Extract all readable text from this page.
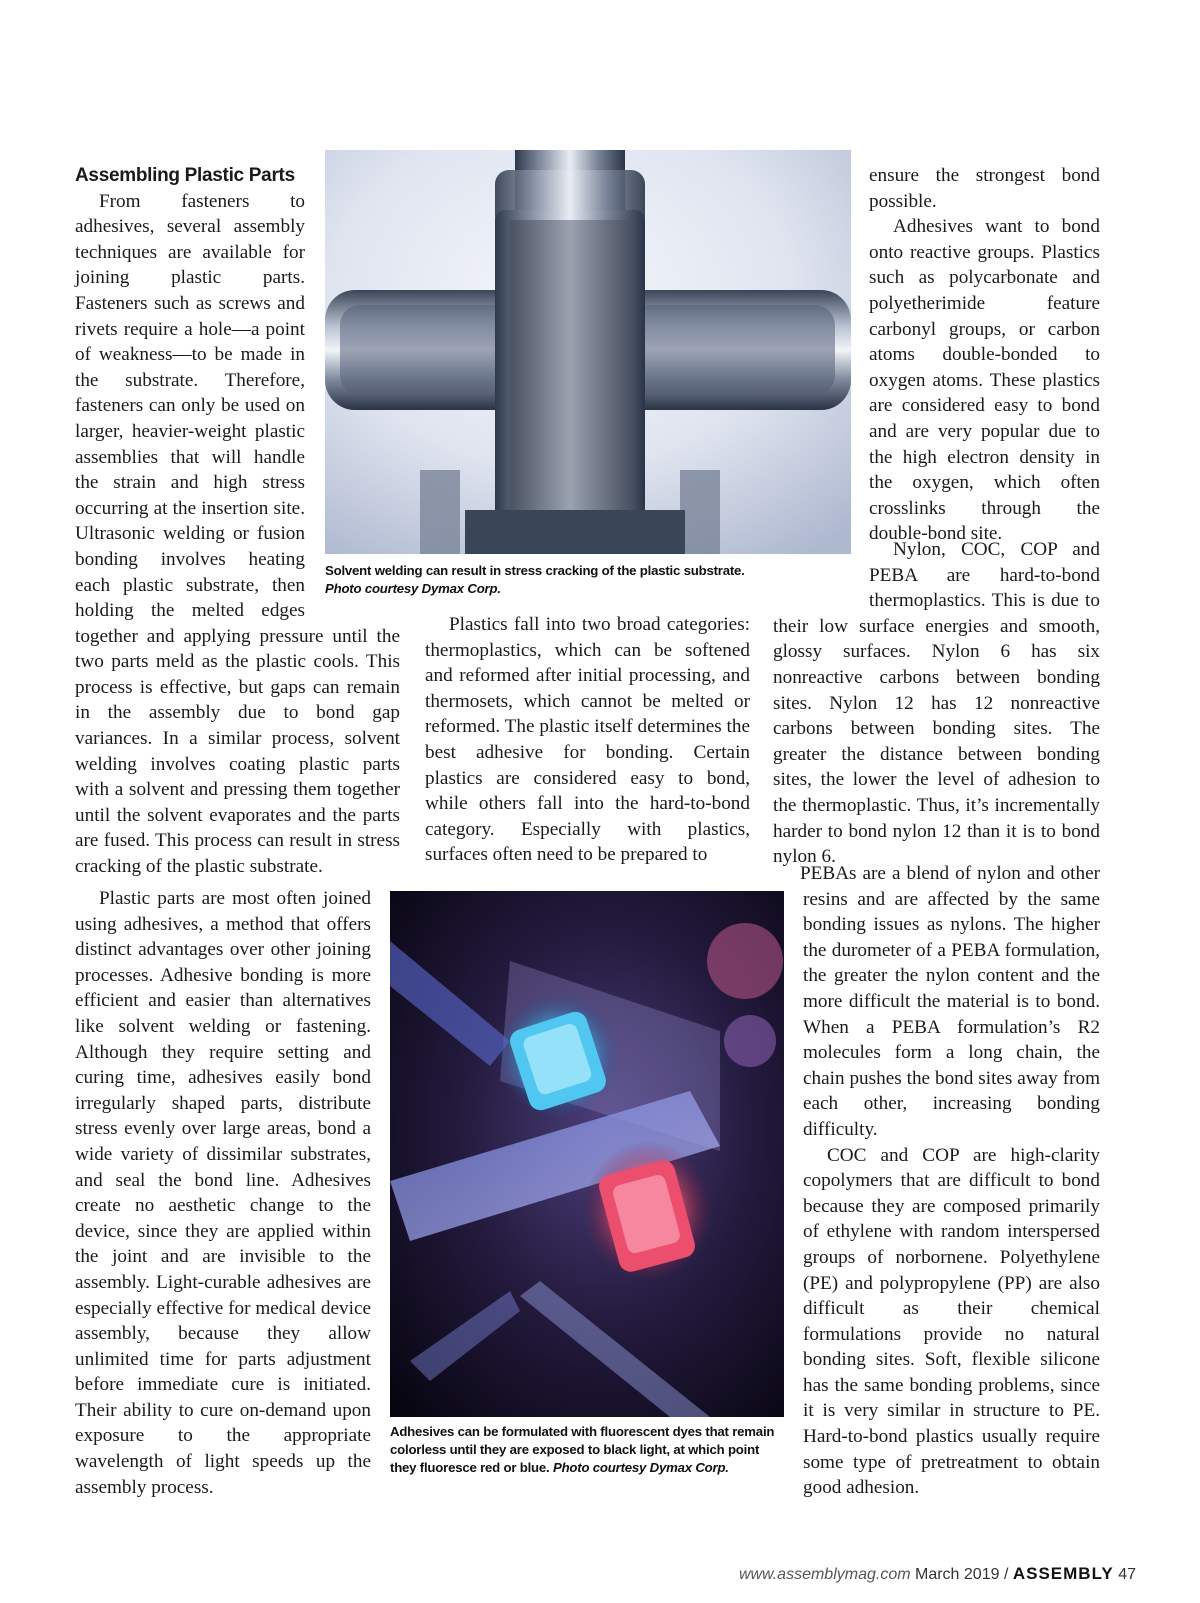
Solvent welding can result in stress cracking of the plastic substrate.
Photo courtesy Dymax Corp.
Adhesives can be formulated with fluorescent dyes that remain colorless until they are exposed to black light, at which point they fluoresce red or blue. Photo courtesy Dymax Corp.

Assembling Plastic Parts

From fasteners to adhesives, several assembly techniques are available for joining plastic parts. Fasteners such as screws and rivets require a hole—a point of weakness—to be made in the substrate. Therefore, fasteners can only be used on larger, heavier-weight plastic assemblies that will handle the strain and high stress occurring at the insertion site. Ultrasonic welding or fusion bonding involves heating each plastic substrate, then holding the melted edges together and applying pressure until the two parts meld as the plastic cools. This process is effective, but gaps can remain in the assembly due to bond gap variances. In a similar process, solvent welding involves coating plastic parts with a solvent and pressing them together until the solvent evaporates and the parts are fused. This process can result in stress cracking of the plastic substrate.

Plastic parts are most often joined using adhesives, a method that offers distinct advantages over other joining processes. Adhesive bonding is more efficient and easier than alternatives like solvent welding or fastening. Although they require setting and curing time, adhesives easily bond irregularly shaped parts, distribute stress evenly over large areas, bond a wide variety of dissimilar substrates, and seal the bond line. Adhesives create no aesthetic change to the device, since they are applied within the joint and are invisible to the assembly. Light-curable adhesives are especially effective for medical device assembly, because they allow unlimited time for parts adjustment before immediate cure is initiated. Their ability to cure on-demand upon exposure to the appropriate wavelength of light speeds up the assembly process.

Plastics fall into two broad categories: thermoplastics, which can be softened and reformed after initial processing, and thermosets, which cannot be melted or reformed. The plastic itself determines the best adhesive for bonding. Certain plastics are considered easy to bond, while others fall into the hard-to-bond category. Especially with plastics, surfaces often need to be prepared to

ensure the strongest bond possible.

Adhesives want to bond onto reactive groups. Plastics such as polycarbonate and polyetherimide feature carbonyl groups, or carbon atoms double-bonded to oxygen atoms. These plastics are considered easy to bond and are very popular due to the high electron density in the oxygen, which often crosslinks through the double-bond site.

Nylon, COC, COP and PEBA are hard-to-bond thermoplastics. This is due to their low surface energies and smooth, glossy surfaces. Nylon 6 has six nonreactive carbons between bonding sites. Nylon 12 has 12 nonreactive carbons between bonding sites. The greater the distance between bonding sites, the lower the level of adhesion to the thermoplastic. Thus, it’s incrementally harder to bond nylon 12 than it is to bond nylon 6.

PEBAs are a blend of nylon and other resins and are affected by the same bonding issues as nylons. The higher the durometer of a PEBA formulation, the greater the nylon content and the more difficult the material is to bond. When a PEBA formulation’s R2 molecules form a long chain, the chain pushes the bond sites away from each other, increasing bonding difficulty.

COC and COP are high-clarity copolymers that are difficult to bond because they are composed primarily of ethylene with random interspersed groups of norbornene. Polyethylene (PE) and polypropylene (PP) are also difficult as their chemical formulations provide no natural bonding sites. Soft, flexible silicone has the same bonding problems, since it is very similar in structure to PE. Hard-to-bond plastics usually require some type of pretreatment to obtain good adhesion.

www.assemblymag.com March 2019 / ASSEMBLY 47
